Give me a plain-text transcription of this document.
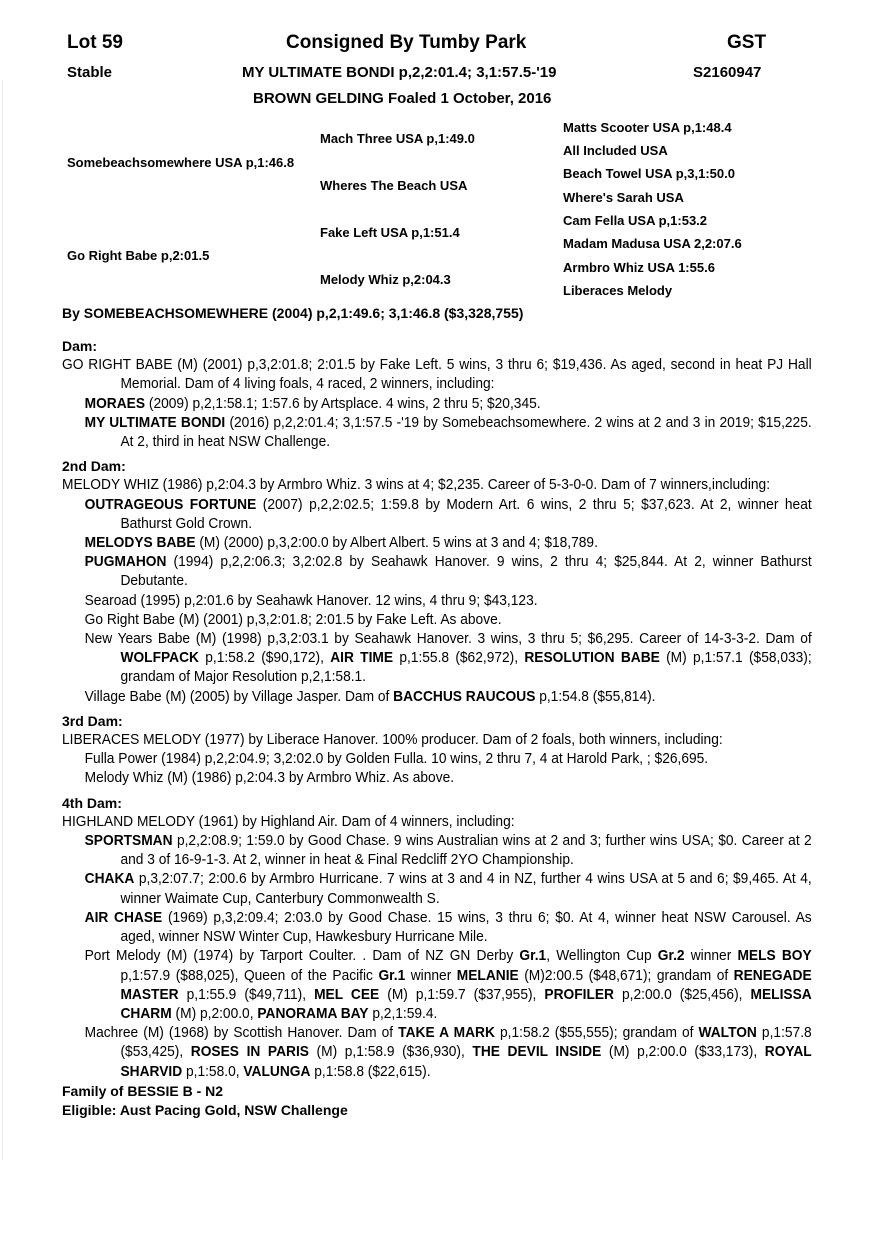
Lot 59	Consigned By Tumby Park	GST
Stable	MY ULTIMATE BONDI p,2,2:01.4; 3,1:57.5-'19	S2160947
BROWN GELDING Foaled 1 October, 2016
Somebeachsomewhere USA p,1:46.8
Go Right Babe p,2:01.5
Mach Three USA p,1:49.0
Wheres The Beach USA
Fake Left USA p,1:51.4
Melody Whiz p,2:04.3
Matts Scooter USA p,1:48.4
All Included USA
Beach Towel USA p,3,1:50.0
Where's Sarah USA
Cam Fella USA p,1:53.2
Madam Madusa USA 2,2:07.6
Armbro Whiz USA 1:55.6
Liberaces Melody
By SOMEBEACHSOMEWHERE (2004) p,2,1:49.6; 3,1:46.8 ($3,328,755)
Dam:
GO RIGHT BABE (M) (2001) p,3,2:01.8; 2:01.5 by Fake Left. 5 wins, 3 thru 6; $19,436. As aged, second in heat PJ Hall Memorial. Dam of 4 living foals, 4 raced, 2 winners, including:
MORAES (2009) p,2,1:58.1; 1:57.6 by Artsplace. 4 wins, 2 thru 5; $20,345.
MY ULTIMATE BONDI (2016) p,2,2:01.4; 3,1:57.5 -'19 by Somebeachsomewhere. 2 wins at 2 and 3 in 2019; $15,225. At 2, third in heat NSW Challenge.
2nd Dam:
MELODY WHIZ (1986) p,2:04.3 by Armbro Whiz. 3 wins at 4; $2,235. Career of 5-3-0-0. Dam of 7 winners,including:
OUTRAGEOUS FORTUNE (2007) p,2,2:02.5; 1:59.8 by Modern Art. 6 wins, 2 thru 5; $37,623. At 2, winner heat Bathurst Gold Crown.
MELODYS BABE (M) (2000) p,3,2:00.0 by Albert Albert. 5 wins at 3 and 4; $18,789.
PUGMAHON (1994) p,2,2:06.3; 3,2:02.8 by Seahawk Hanover. 9 wins, 2 thru 4; $25,844. At 2, winner Bathurst Debutante.
Searoad (1995) p,2:01.6 by Seahawk Hanover. 12 wins, 4 thru 9; $43,123.
Go Right Babe (M) (2001) p,3,2:01.8; 2:01.5 by Fake Left. As above.
New Years Babe (M) (1998) p,3,2:03.1 by Seahawk Hanover. 3 wins, 3 thru 5; $6,295. Career of 14-3-3-2. Dam of WOLFPACK p,1:58.2 ($90,172), AIR TIME p,1:55.8 ($62,972), RESOLUTION BABE (M) p,1:57.1 ($58,033); grandam of Major Resolution p,2,1:58.1.
Village Babe (M) (2005) by Village Jasper. Dam of BACCHUS RAUCOUS p,1:54.8 ($55,814).
3rd Dam:
LIBERACES MELODY (1977) by Liberace Hanover. 100% producer. Dam of 2 foals, both winners, including:
Fulla Power (1984) p,2,2:04.9; 3,2:02.0 by Golden Fulla. 10 wins, 2 thru 7, 4 at Harold Park, ; $26,695.
Melody Whiz (M) (1986) p,2:04.3 by Armbro Whiz. As above.
4th Dam:
HIGHLAND MELODY (1961) by Highland Air. Dam of 4 winners, including:
SPORTSMAN p,2,2:08.9; 1:59.0 by Good Chase. 9 wins Australian wins at 2 and 3; further wins USA; $0. Career at 2 and 3 of 16-9-1-3. At 2, winner in heat & Final Redcliff 2YO Championship.
CHAKA p,3,2:07.7; 2:00.6 by Armbro Hurricane. 7 wins at 3 and 4 in NZ, further 4 wins USA at 5 and 6; $9,465. At 4, winner Waimate Cup, Canterbury Commonwealth S.
AIR CHASE (1969) p,3,2:09.4; 2:03.0 by Good Chase. 15 wins, 3 thru 6; $0. At 4, winner heat NSW Carousel. As aged, winner NSW Winter Cup, Hawkesbury Hurricane Mile.
Port Melody (M) (1974) by Tarport Coulter. . Dam of NZ GN Derby Gr.1, Wellington Cup Gr.2 winner MELS BOY p,1:57.9 ($88,025), Queen of the Pacific Gr.1 winner MELANIE (M)2:00.5 ($48,671); grandam of RENEGADE MASTER p,1:55.9 ($49,711), MEL CEE (M) p,1:59.7 ($37,955), PROFILER p,2:00.0 ($25,456), MELISSA CHARM (M) p,2:00.0, PANORAMA BAY p,2,1:59.4.
Machree (M) (1968) by Scottish Hanover. Dam of TAKE A MARK p,1:58.2 ($55,555); grandam of WALTON p,1:57.8 ($53,425), ROSES IN PARIS (M) p,1:58.9 ($36,930), THE DEVIL INSIDE (M) p,2:00.0 ($33,173), ROYAL SHARVID p,1:58.0, VALUNGA p,1:58.8 ($22,615).
Family of BESSIE B - N2
Eligible: Aust Pacing Gold, NSW Challenge
